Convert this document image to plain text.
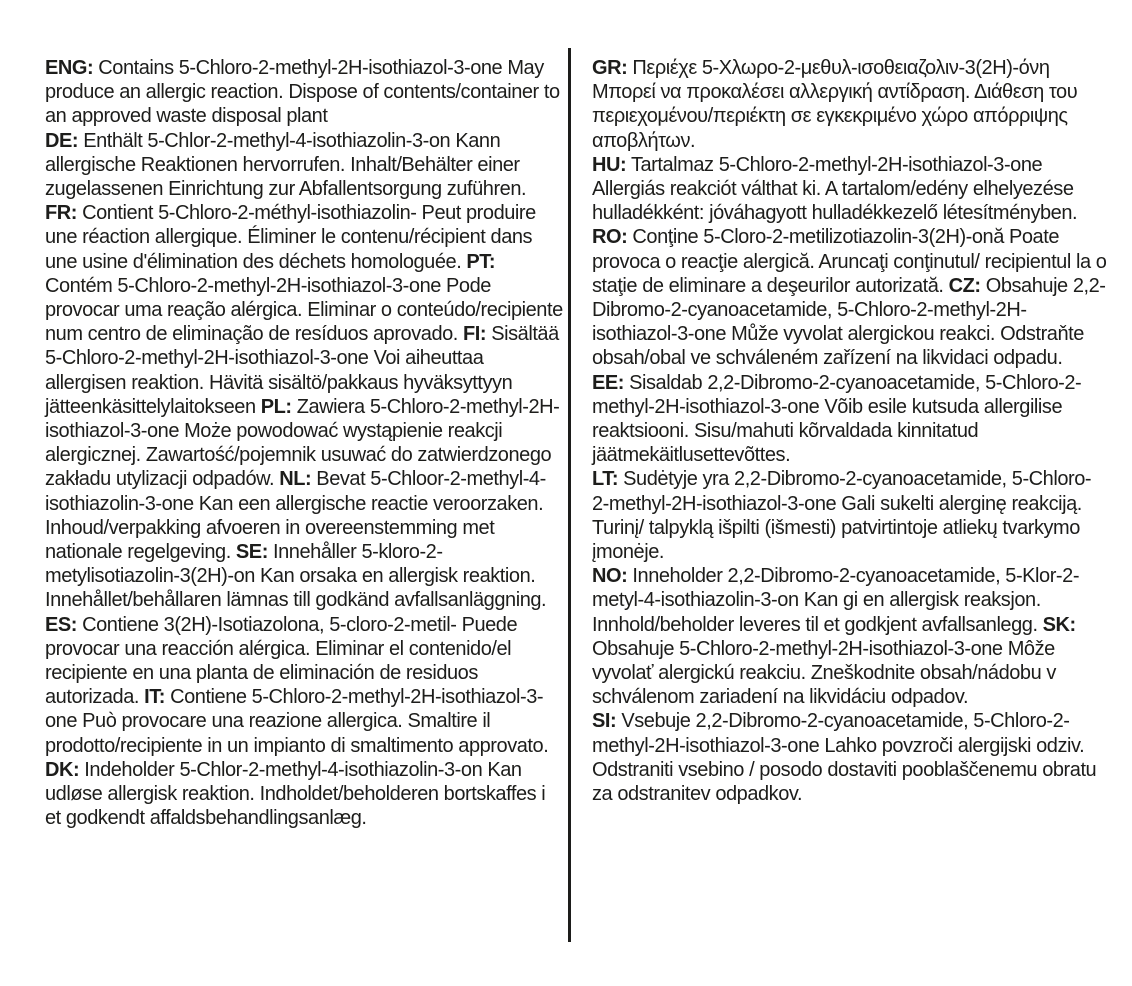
ENG: Contains 5-Chloro-2-methyl-2H-isothiazol-3-one May produce an allergic reaction. Dispose of contents/container to an approved waste disposal plant

DE: Enthält 5-Chlor-2-methyl-4-isothiazolin-3-on Kann allergische Reaktionen hervorrufen. Inhalt/Behälter einer zugelassenen Einrichtung zur Abfallentsorgung zuführen. FR: Contient 5-Chloro-2-méthyl-isothiazolin- Peut produire une réaction allergique. Éliminer le contenu/récipient dans une usine d'élimination des déchets homologuée. PT: Contém 5-Chloro-2-methyl-2H-isothiazol-3-one Pode provocar uma reação alérgica. Eliminar o conteúdo/recipiente num centro de eliminação de resíduos aprovado. FI: Sisältää 5-Chloro-2-methyl-2H-isothiazol-3-one Voi aiheuttaa allergisen reaktion. Hävitä sisältö/pakkaus hyväksyttyyn jätteenkäsittelylaitokseen PL: Zawiera 5-Chloro-2-methyl-2H-isothiazol-3-one Może powodować wystąpienie reakcji alergicznej. Zawartość/pojemnik usuwać do zatwierdzonego zakładu utylizacji odpadów. NL: Bevat 5-Chloor-2-methyl-4-isothiazolin-3-one Kan een allergische reactie veroorzaken. Inhoud/verpakking afvoeren in overeenstemming met nationale regelgeving. SE: Innehåller 5-kloro-2-metylisotiazolin-3(2H)-on Kan orsaka en allergisk reaktion. Innehållet/behållaren lämnas till godkänd avfallsanläggning. ES: Contiene 3(2H)-Isotiazolona, 5-cloro-2-metil- Puede provocar una reacción alérgica. Eliminar el contenido/el recipiente en una planta de eliminación de residuos autorizada. IT: Contiene 5-Chloro-2-methyl-2H-isothiazol-3-one Può provocare una reazione allergica. Smaltire il prodotto/recipiente in un impianto di smaltimento approvato.

DK: Indeholder 5-Chlor-2-methyl-4-isothiazolin-3-on Kan udløse allergisk reaktion. Indholdet/beholderen bortskaffes i et godkendt affaldsbehandlingsanlæg.

GR: Περιέχε 5-Χλωρο-2-μεθυλ-ισοθειαζολιν-3(2Η)-όνη Μπορεί να προκαλέσει αλλεργική αντίδραση. Διάθεση του περιεχομένου/περιέκτη σε εγκεκριμένο χώρο απόρριψης αποβλήτων.

HU: Tartalmaz 5-Chloro-2-methyl-2H-isothiazol-3-one Allergiás reakciót válthat ki. A tartalom/edény elhelyezése hulladékként: jóváhagyott hulladékkezelő létesítményben.

RO: Conţine 5-Cloro-2-metilizotiazolin-3(2H)-onă Poate provoca o reacţie alergică. Aruncaţi conţinutul/ recipientul la o staţie de eliminare a deşeurilor autorizată. CZ: Obsahuje 2,2-Dibromo-2-cyanoacetamide, 5-Chloro-2-methyl-2H-isothiazol-3-one Může vyvolat alergickou reakci. Odstraňte obsah/obal ve schváleném zařízení na likvidaci odpadu.

EE: Sisaldab 2,2-Dibromo-2-cyanoacetamide, 5-Chloro-2-methyl-2H-isothiazol-3-one Võib esile kutsuda allergilise reaktsiooni. Sisu/mahuti kõrvaldada kinnitatud jäätmekäitlusettevõttes.

LT: Sudėtyje yra 2,2-Dibromo-2-cyanoacetamide, 5-Chloro-2-methyl-2H-isothiazol-3-one Gali sukelti alerginę reakciją. Turinį/ talpyklą išpilti (išmesti) patvirtintoje atliekų tvarkymo įmonėje.

NO: Inneholder 2,2-Dibromo-2-cyanoacetamide, 5-Klor-2-metyl-4-isothiazolin-3-on Kan gi en allergisk reaksjon. Innhold/beholder leveres til et godkjent avfallsanlegg. SK: Obsahuje 5-Chloro-2-methyl-2H-isothiazol-3-one Môže vyvolať alergickú reakciu. Zneškodnite obsah/nádobu v schválenom zariadení na likvidáciu odpadov.

SI: Vsebuje 2,2-Dibromo-2-cyanoacetamide, 5-Chloro-2-methyl-2H-isothiazol-3-one Lahko povzroči alergijski odziv. Odstraniti vsebino / posodo dostaviti pooblaščenemu obratu za odstranitev odpadkov.
